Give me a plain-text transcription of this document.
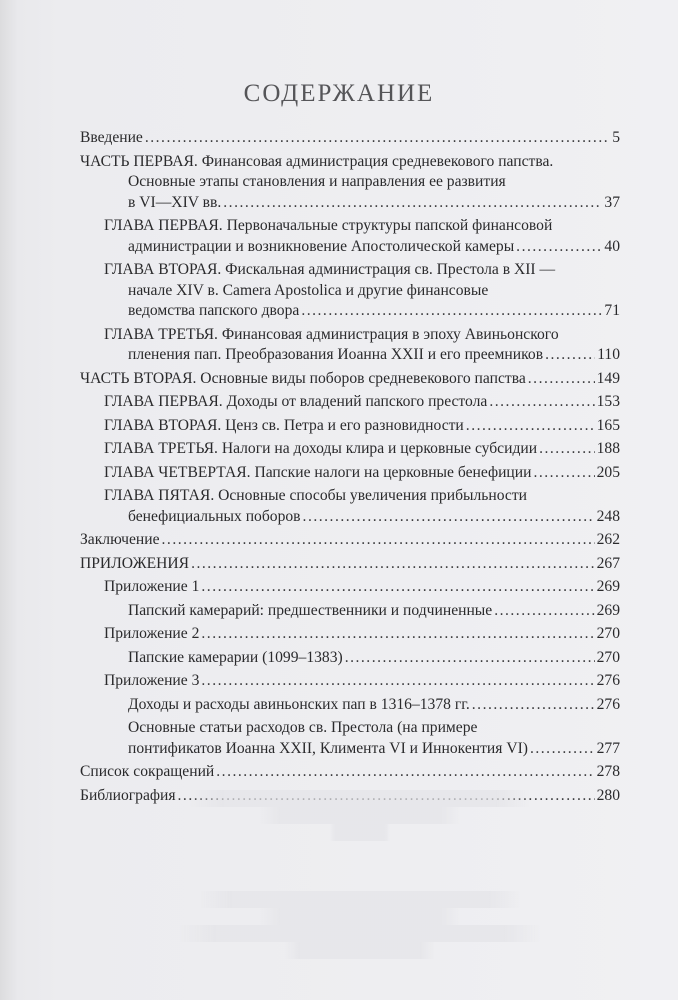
СОДЕРЖАНИЕ
Введение .....	5
ЧАСТЬ ПЕРВАЯ. Финансовая администрация средневекового папства.
Основные этапы становления и направления ее развития
в VI—XIV вв. .....	37
ГЛАВА ПЕРВАЯ. Первоначальные структуры папской финансовой
администрации и возникновение Апостолической камеры .....	40
ГЛАВА ВТОРАЯ. Фискальная администрация св. Престола в XII —
начале XIV в. Camera Apostolica и другие финансовые
ведомства папского двора .....	71
ГЛАВА ТРЕТЬЯ. Финансовая администрация в эпоху Авиньонского
пленения пап. Преобразования Иоанна XXII и его преемников .....	110
ЧАСТЬ ВТОРАЯ. Основные виды поборов средневекового папства .....	149
ГЛАВА ПЕРВАЯ. Доходы от владений папского престола .....	153
ГЛАВА ВТОРАЯ. Ценз св. Петра и его разновидности .....	165
ГЛАВА ТРЕТЬЯ. Налоги на доходы клира и церковные субсидии .....	188
ГЛАВА ЧЕТВЕРТАЯ. Папские налоги на церковные бенефиции .....	205
ГЛАВА ПЯТАЯ. Основные способы увеличения прибыльности
бенефициальных поборов .....	248
Заключение .....	262
ПРИЛОЖЕНИЯ .....	267
Приложение 1 .....	269
Папский камерарий: предшественники и подчиненные .....	269
Приложение 2 .....	270
Папские камерарии (1099–1383) .....	270
Приложение 3 .....	276
Доходы и расходы авиньонских пап в 1316–1378 гг. .....	276
Основные статьи расходов св. Престола (на примере
понтификатов Иоанна XXII, Климента VI и Иннокентия VI) .....	277
Список сокращений .....	278
Библиография .....	280
